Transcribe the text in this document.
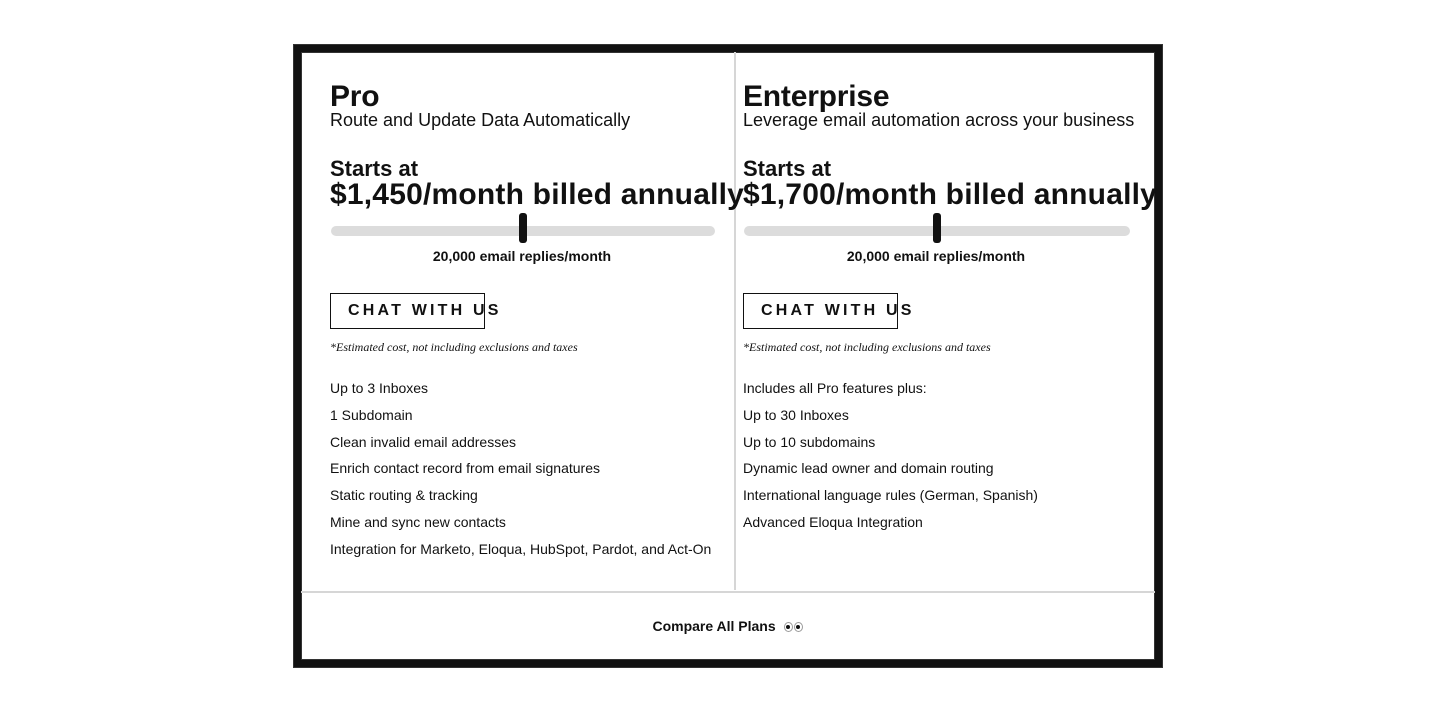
Pro
Route and Update Data Automatically
Starts at
$1,450/month billed annually
20,000 email replies/month
CHAT WITH US
*Estimated cost, not including exclusions and taxes
Up to 3 Inboxes
1 Subdomain
Clean invalid email addresses
Enrich contact record from email signatures
Static routing & tracking
Mine and sync new contacts
Integration for Marketo, Eloqua, HubSpot, Pardot, and Act-On
Enterprise
Leverage email automation across your business
Starts at
$1,700/month billed annually
20,000 email replies/month
CHAT WITH US
*Estimated cost, not including exclusions and taxes
Includes all Pro features plus:
Up to 30 Inboxes
Up to 10 subdomains
Dynamic lead owner and domain routing
International language rules (German, Spanish)
Advanced Eloqua Integration
Compare All Plans
